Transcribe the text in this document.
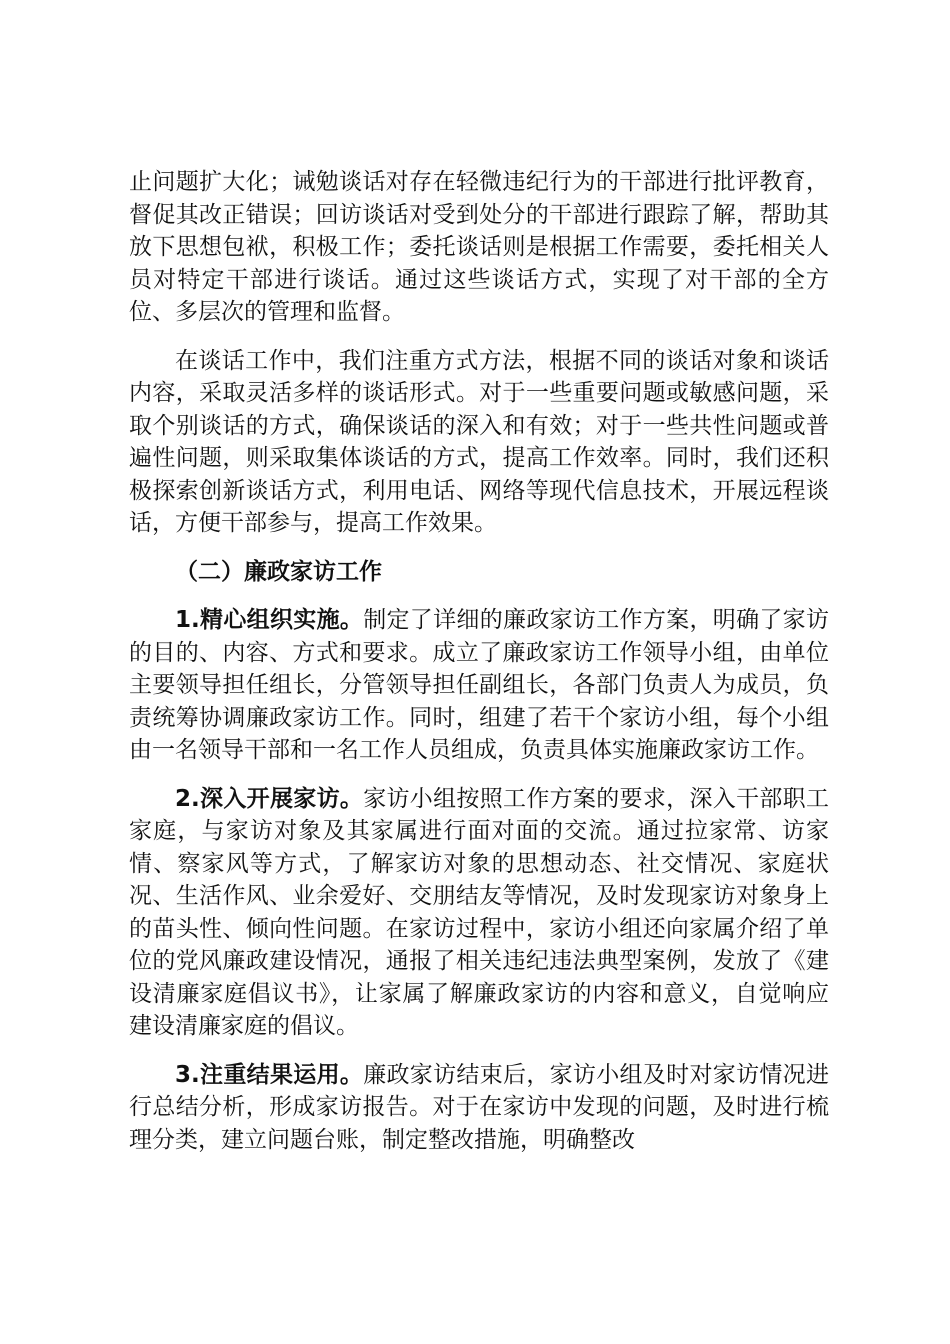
止问题扩大化；诫勉谈话对存在轻微违纪行为的干部进行批评教育，督促其改正错误；回访谈话对受到处分的干部进行跟踪了解，帮助其放下思想包袱，积极工作；委托谈话则是根据工作需要，委托相关人员对特定干部进行谈话。通过这些谈话方式，实现了对干部的全方位、多层次的管理和监督。

在谈话工作中，我们注重方式方法，根据不同的谈话对象和谈话内容，采取灵活多样的谈话形式。对于一些重要问题或敏感问题，采取个别谈话的方式，确保谈话的深入和有效；对于一些共性问题或普遍性问题，则采取集体谈话的方式，提高工作效率。同时，我们还积极探索创新谈话方式，利用电话、网络等现代信息技术，开展远程谈话，方便干部参与，提高工作效果。

（二）廉政家访工作

1.精心组织实施。制定了详细的廉政家访工作方案，明确了家访的目的、内容、方式和要求。成立了廉政家访工作领导小组，由单位主要领导担任组长，分管领导担任副组长，各部门负责人为成员，负责统筹协调廉政家访工作。同时，组建了若干个家访小组，每个小组由一名领导干部和一名工作人员组成，负责具体实施廉政家访工作。

2.深入开展家访。家访小组按照工作方案的要求，深入干部职工家庭，与家访对象及其家属进行面对面的交流。通过拉家常、访家情、察家风等方式，了解家访对象的思想动态、社交情况、家庭状况、生活作风、业余爱好、交朋结友等情况，及时发现家访对象身上的苗头性、倾向性问题。在家访过程中，家访小组还向家属介绍了单位的党风廉政建设情况，通报了相关违纪违法典型案例，发放了《建设清廉家庭倡议书》，让家属了解廉政家访的内容和意义，自觉响应建设清廉家庭的倡议。

3.注重结果运用。廉政家访结束后，家访小组及时对家访情况进行总结分析，形成家访报告。对于在家访中发现的问题，及时进行梳理分类，建立问题台账，制定整改措施，明确整改
